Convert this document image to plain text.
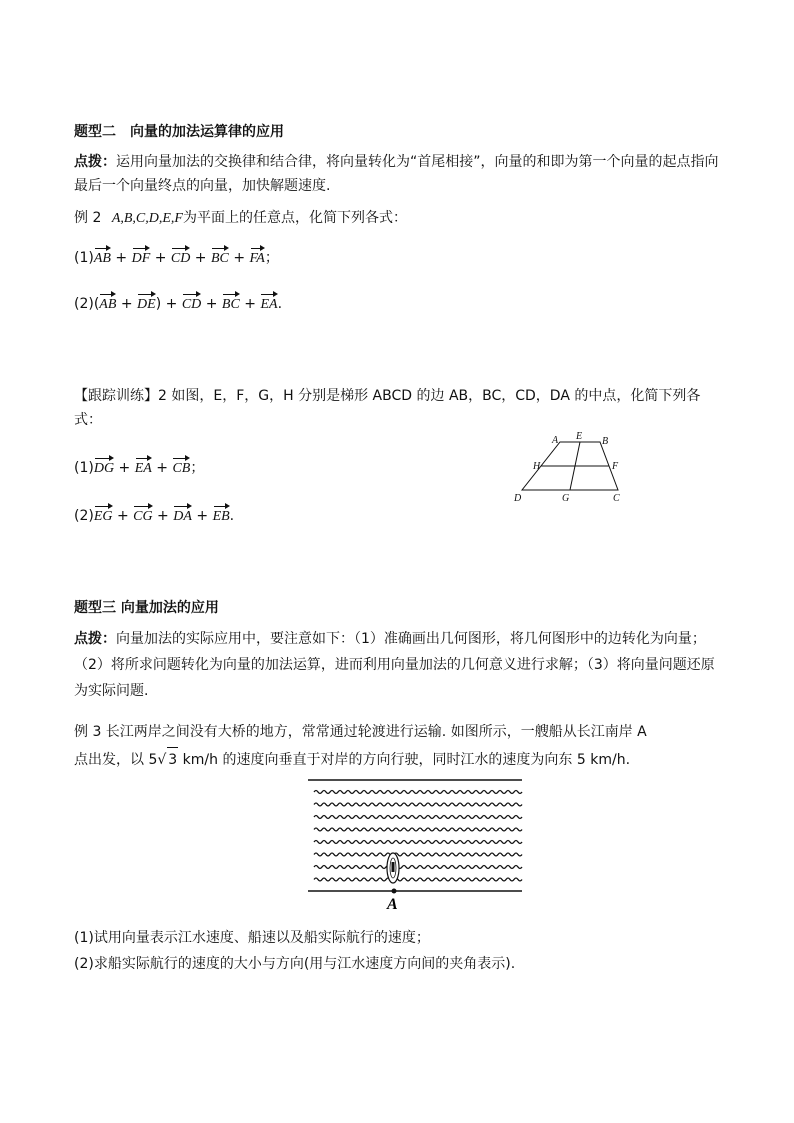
题型二　向量的加法运算律的应用
点拨：运用向量加法的交换律和结合律，将向量转化为“首尾相接”，向量的和即为第一个向量的起点指向最后一个向量终点的向量，加快解题速度.
例 2 A,B,C,D,E,F为平面上的任意点，化简下列各式：
(1)AB + DF + CD + BC + FA；
(2)(AB + DE) + CD + BC + EA.
【跟踪训练】2 如图，E，F，G，H 分别是梯形 ABCD 的边 AB，BC，CD，DA 的中点，化简下列各式：
(1)DG + EA + CB；
(2)EG + CG + DA + EB.
A E B
H	F
D	G	C
题型三 向量加法的应用
点拨：向量加法的实际应用中，要注意如下：（1）准确画出几何图形，将几何图形中的边转化为向量；（2）将所求问题转化为向量的加法运算，进而利用向量加法的几何意义进行求解；（3）将向量问题还原为实际问题.
例 3 长江两岸之间没有大桥的地方，常常通过轮渡进行运输. 如图所示，一艘船从长江南岸 A
点出发，以 5√ 3 km/h 的速度向垂直于对岸的方向行驶，同时江水的速度为向东 5 km/h.
A
(1)试用向量表示江水速度、船速以及船实际航行的速度；
(2)求船实际航行的速度的大小与方向(用与江水速度方向间的夹角表示).
